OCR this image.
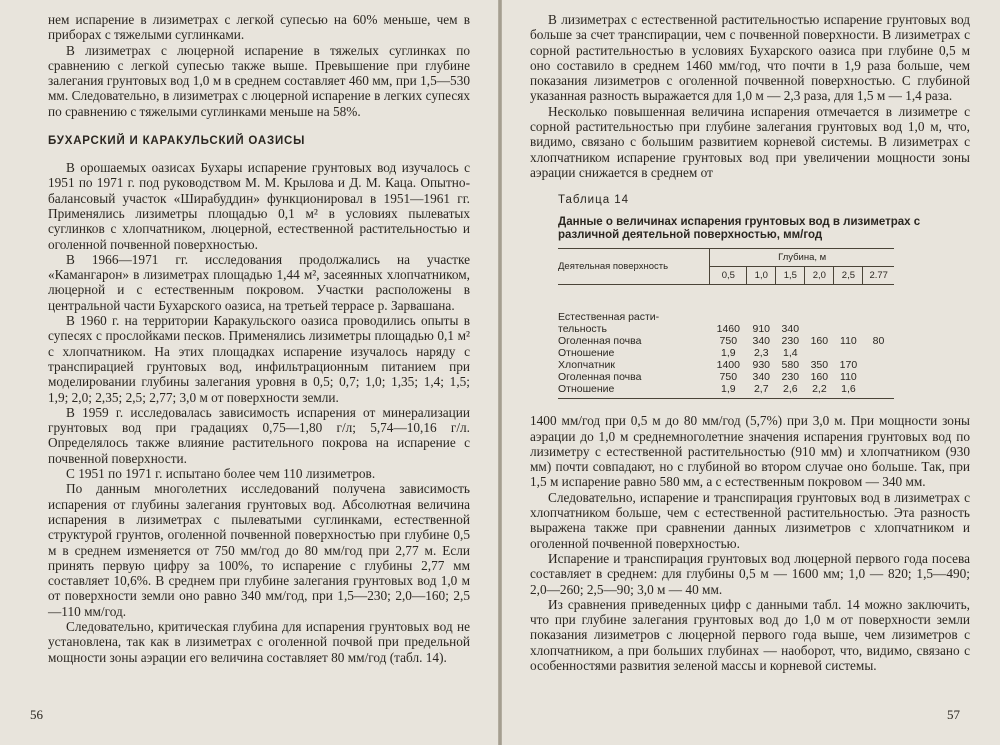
нем испарение в лизиметрах с легкой супесью на 60% меньше, чем в приборах с тяжелыми суглинками.

В лизиметрах с люцерной испарение в тяжелых суглинках по сравнению с легкой супесью также выше. Превышение при глубине залегания грунтовых вод 1,0 м в среднем составляет 460 мм, при 1,5—530 мм. Следовательно, в лизиметрах с люцерной испарение в легких супесях по сравнению с тяжелыми суглинками меньше на 58%.

БУХАРСКИЙ И КАРАКУЛЬСКИЙ ОАЗИСЫ

В орошаемых оазисах Бухары испарение грунтовых вод изучалось с 1951 по 1971 г. под руководством М. М. Крылова и Д. М. Каца. Опытно-балансовый участок «Ширабуддин» функционировал в 1951—1961 гг. Применялись лизиметры площадью 0,1 м² в условиях пылеватых суглинков с хлопчатником, люцерной, естественной растительностью и оголенной почвенной поверхностью.

В 1966—1971 гг. исследования продолжались на участке «Камангарон» в лизиметрах площадью 1,44 м², засеянных хлопчатником, люцерной и с естественным покровом. Участки расположены в центральной части Бухарского оазиса, на третьей террасе р. Зарвашана.

В 1960 г. на территории Каракульского оазиса проводились опыты в супесях с прослойками песков. Применялись лизиметры площадью 0,1 м² с хлопчатником. На этих площадках испарение изучалось наряду с транспирацией грунтовых вод, инфильтрационным питанием при моделировании глубины залегания уровня в 0,5; 0,7; 1,0; 1,35; 1,4; 1,5; 1,9; 2,0; 2,35; 2,5; 2,77; 3,0 м от поверхности земли.

В 1959 г. исследовалась зависимость испарения от минерализации грунтовых вод при градациях 0,75—1,80 г/л; 5,74—10,16 г/л. Определялось также влияние растительного покрова на испарение с почвенной поверхности.

С 1951 по 1971 г. испытано более чем 110 лизиметров.

По данным многолетних исследований получена зависимость испарения от глубины залегания грунтовых вод. Абсолютная величина испарения в лизиметрах с пылеватыми суглинками, естественной структурой грунтов, оголенной почвенной поверхностью при глубине 0,5 м в среднем изменяется от 750 мм/год до 80 мм/год при 2,77 м. Если принять первую цифру за 100%, то испарение с глубины 2,77 мм составляет 10,6%. В среднем при глубине залегания грунтовых вод 1,0 м от поверхности земли оно равно 340 мм/год, при 1,5—230; 2,0—160; 2,5—110 мм/год.

Следовательно, критическая глубина для испарения грунтовых вод не установлена, так как в лизиметрах с оголенной почвой при предельной мощности зоны аэрации его величина составляет 80 мм/год (табл. 14).

56

В лизиметрах с естественной растительностью испарение грунтовых вод больше за счет транспирации, чем с почвенной поверхности. В лизиметрах с сорной растительностью в условиях Бухарского оазиса при глубине 0,5 м оно составило в среднем 1460 мм/год, что почти в 1,9 раза больше, чем показания лизиметров с оголенной почвенной поверхностью. С глубиной указанная разность выражается для 1,0 м — 2,3 раза, для 1,5 м — 1,4 раза.

Несколько повышенная величина испарения отмечается в лизиметре с сорной растительностью при глубине залегания грунтовых вод 1,0 м, что, видимо, связано с большим развитием корневой системы. В лизиметрах с хлопчатником испарение грунтовых вод при увеличении мощности зоны аэрации снижается в среднем от

Таблица 14
Данные о величинах испарения грунтовых вод в лизиметрах с различной деятельной поверхностью, мм/год
Деятельная поверхность	Глубина, м					
	0,5	1,0	1,5	2,0	2,5	2.77
Естественная расти-						
тельность	1460	910	340			
Оголенная почва	750	340	230	160	110	80
Отношение	1,9	2,3	1,4			
Хлопчатник	1400	930	580	350	170	
Оголенная почва	750	340	230	160	110	
Отношение	1,9	2,7	2,6	2,2	1,6	

1400 мм/год при 0,5 м до 80 мм/год (5,7%) при 3,0 м. При мощности зоны аэрации до 1,0 м среднемноголетние значения испарения грунтовых вод по лизиметру с естественной растительностью (910 мм) и хлопчатником (930 мм) почти совпадают, но с глубиной во втором случае оно больше. Так, при 1,5 м испарение равно 580 мм, а с естественным покровом — 340 мм.

Следовательно, испарение и транспирация грунтовых вод в лизиметрах с хлопчатником больше, чем с естественной растительностью. Эта разность выражена также при сравнении данных лизиметров с хлопчатником и оголенной почвенной поверхностью.

Испарение и транспирация грунтовых вод люцерной первого года посева составляет в среднем: для глубины 0,5 м — 1600 мм; 1,0 — 820; 1,5—490; 2,0—260; 2,5—90; 3,0 м — 40 мм.

Из сравнения приведенных цифр с данными табл. 14 можно заключить, что при глубине залегания грунтовых вод до 1,0 м от поверхности земли показания лизиметров с люцерной первого года выше, чем лизиметров с хлопчатником, а при больших глубинах — наоборот, что, видимо, связано с особенностями развития зеленой массы и корневой системы.

57
